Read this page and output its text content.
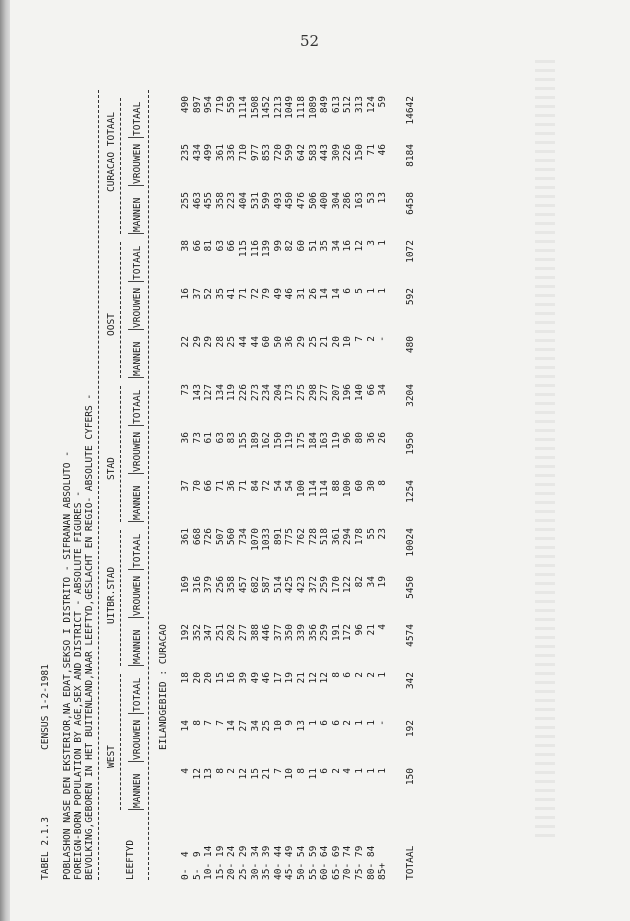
52
TABEL 2.1.3
CENSUS 1-2-1981 POBLASHON NASE DEN EKSTERIOR,NA EDAT,SEKSO I DISTRITO - SIFRANAN ABSOLUTO - FOREIGN-BORN POPULATION BY AGE,SEX AND DISTRICT - ABSOLUTE FIGURES - BEVOLKING,GEBOREN IN HET BUITENLAND,NAAR LEEFTYD,GESLACHT EN REGIO- ABSOLUTE CYFERS -	LEEFTYD
WEST
MANNEN
VROUWEN
TOTAAL
UITBR.STAD
MANNEN
VROUWEN
TOTAAL
STAD
MANNEN
VROUWEN
TOTAAL
OOST
MANNEN
VROUWEN
TOTAAL
CURACAO TOTAAL
MANNEN
VROUWEN
TOTAAL
EILANDGEBIED : CURACAO
0-  4
4
14
18
192
169
361
37
36
73
22
16
38
255
235
490
5-  9
12
8
20
352
316
668
70
73
143
29
37
66
463
434
897
10- 14
13
7
20
347
379
726
66
61
127
29
52
81
455
499
954
15- 19
8
7
15
251
256
507
71
63
134
28
35
63
358
361
719
20- 24
2
14
16
202
358
560
36
83
119
25
41
66
223
336
559
25- 29
12
27
39
277
457
734
71
155
226
44
71
115
404
710
1114
30- 34
15
34
49
388
682
1070
84
189
273
44
72
116
531
977
1508
35- 39
21
25
46
446
587
1033
72
162
234
60
79
139
599
853
1452
40- 44
7
10
17
377
514
891
54
150
204
50
49
99
493
720
1213
45- 49
10
9
19
350
425
775
54
119
173
36
46
82
450
599
1049
50- 54
8
13
21
339
423
762
100
175
275
29
31
60
476
642
1118
55- 59
11
1
12
356
372
728
114
184
298
25
26
51
506
583
1089
60- 64
6
6
12
259
259
518
114
163
277
21
14
35
400
443
849
65- 69
2
6
8
191
170
361
88
119
207
20
14
34
304
309
613
70- 74
4
2
6
172
122
294
100
96
196
10
6
16
286
226
512
75- 79
1
1
2
96
82
178
60
80
140
7
5
12
163
150
313
80- 84
1
1
2
21
34
55
30
36
66
2
1
3
53
71
124
85+
1
-
1
4
19
23
8
26
34
-
1
1
13
46
59
TOTAAL
150
192
342
4574
5450
10024
1254
1950
3204
480
592
1072
6458
8184
14642
